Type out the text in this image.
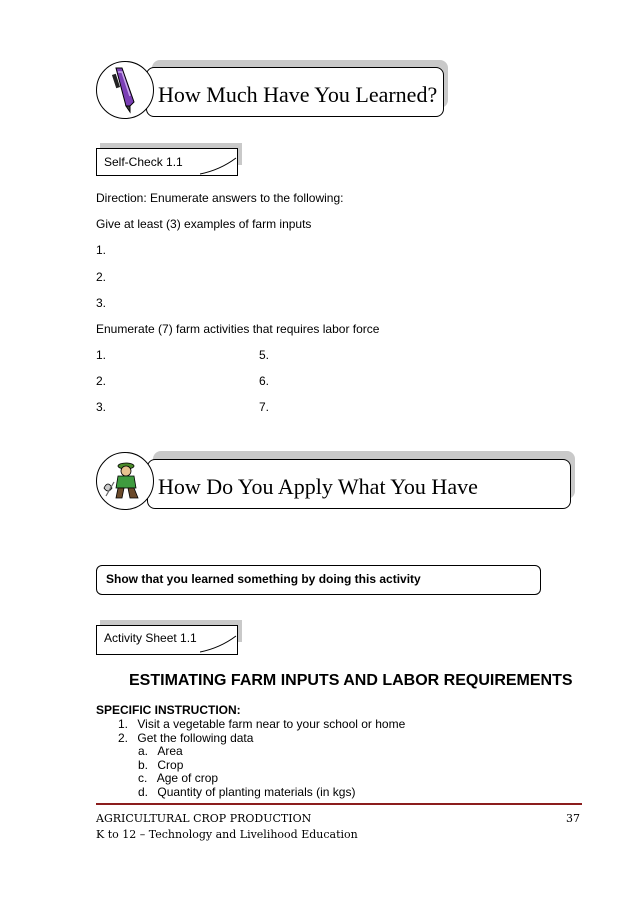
How Much Have You Learned?
Self-Check 1.1
Direction: Enumerate answers to the following:
Give at least (3) examples of farm inputs
1.
2.
3.
Enumerate (7) farm activities that requires labor force
1.
2.
3.
5.
6.
7.
How Do You Apply What You Have
Show that you learned something by doing this activity
Activity Sheet 1.1
ESTIMATING FARM INPUTS AND LABOR REQUIREMENTS
SPECIFIC INSTRUCTION:
1. Visit a vegetable farm near to your school or home
2. Get the following data
a. Area
b. Crop
c. Age of crop
d. Quantity of planting materials (in kgs)
AGRICULTURAL CROP PRODUCTION
K to 12 – Technology and Livelihood Education
37
